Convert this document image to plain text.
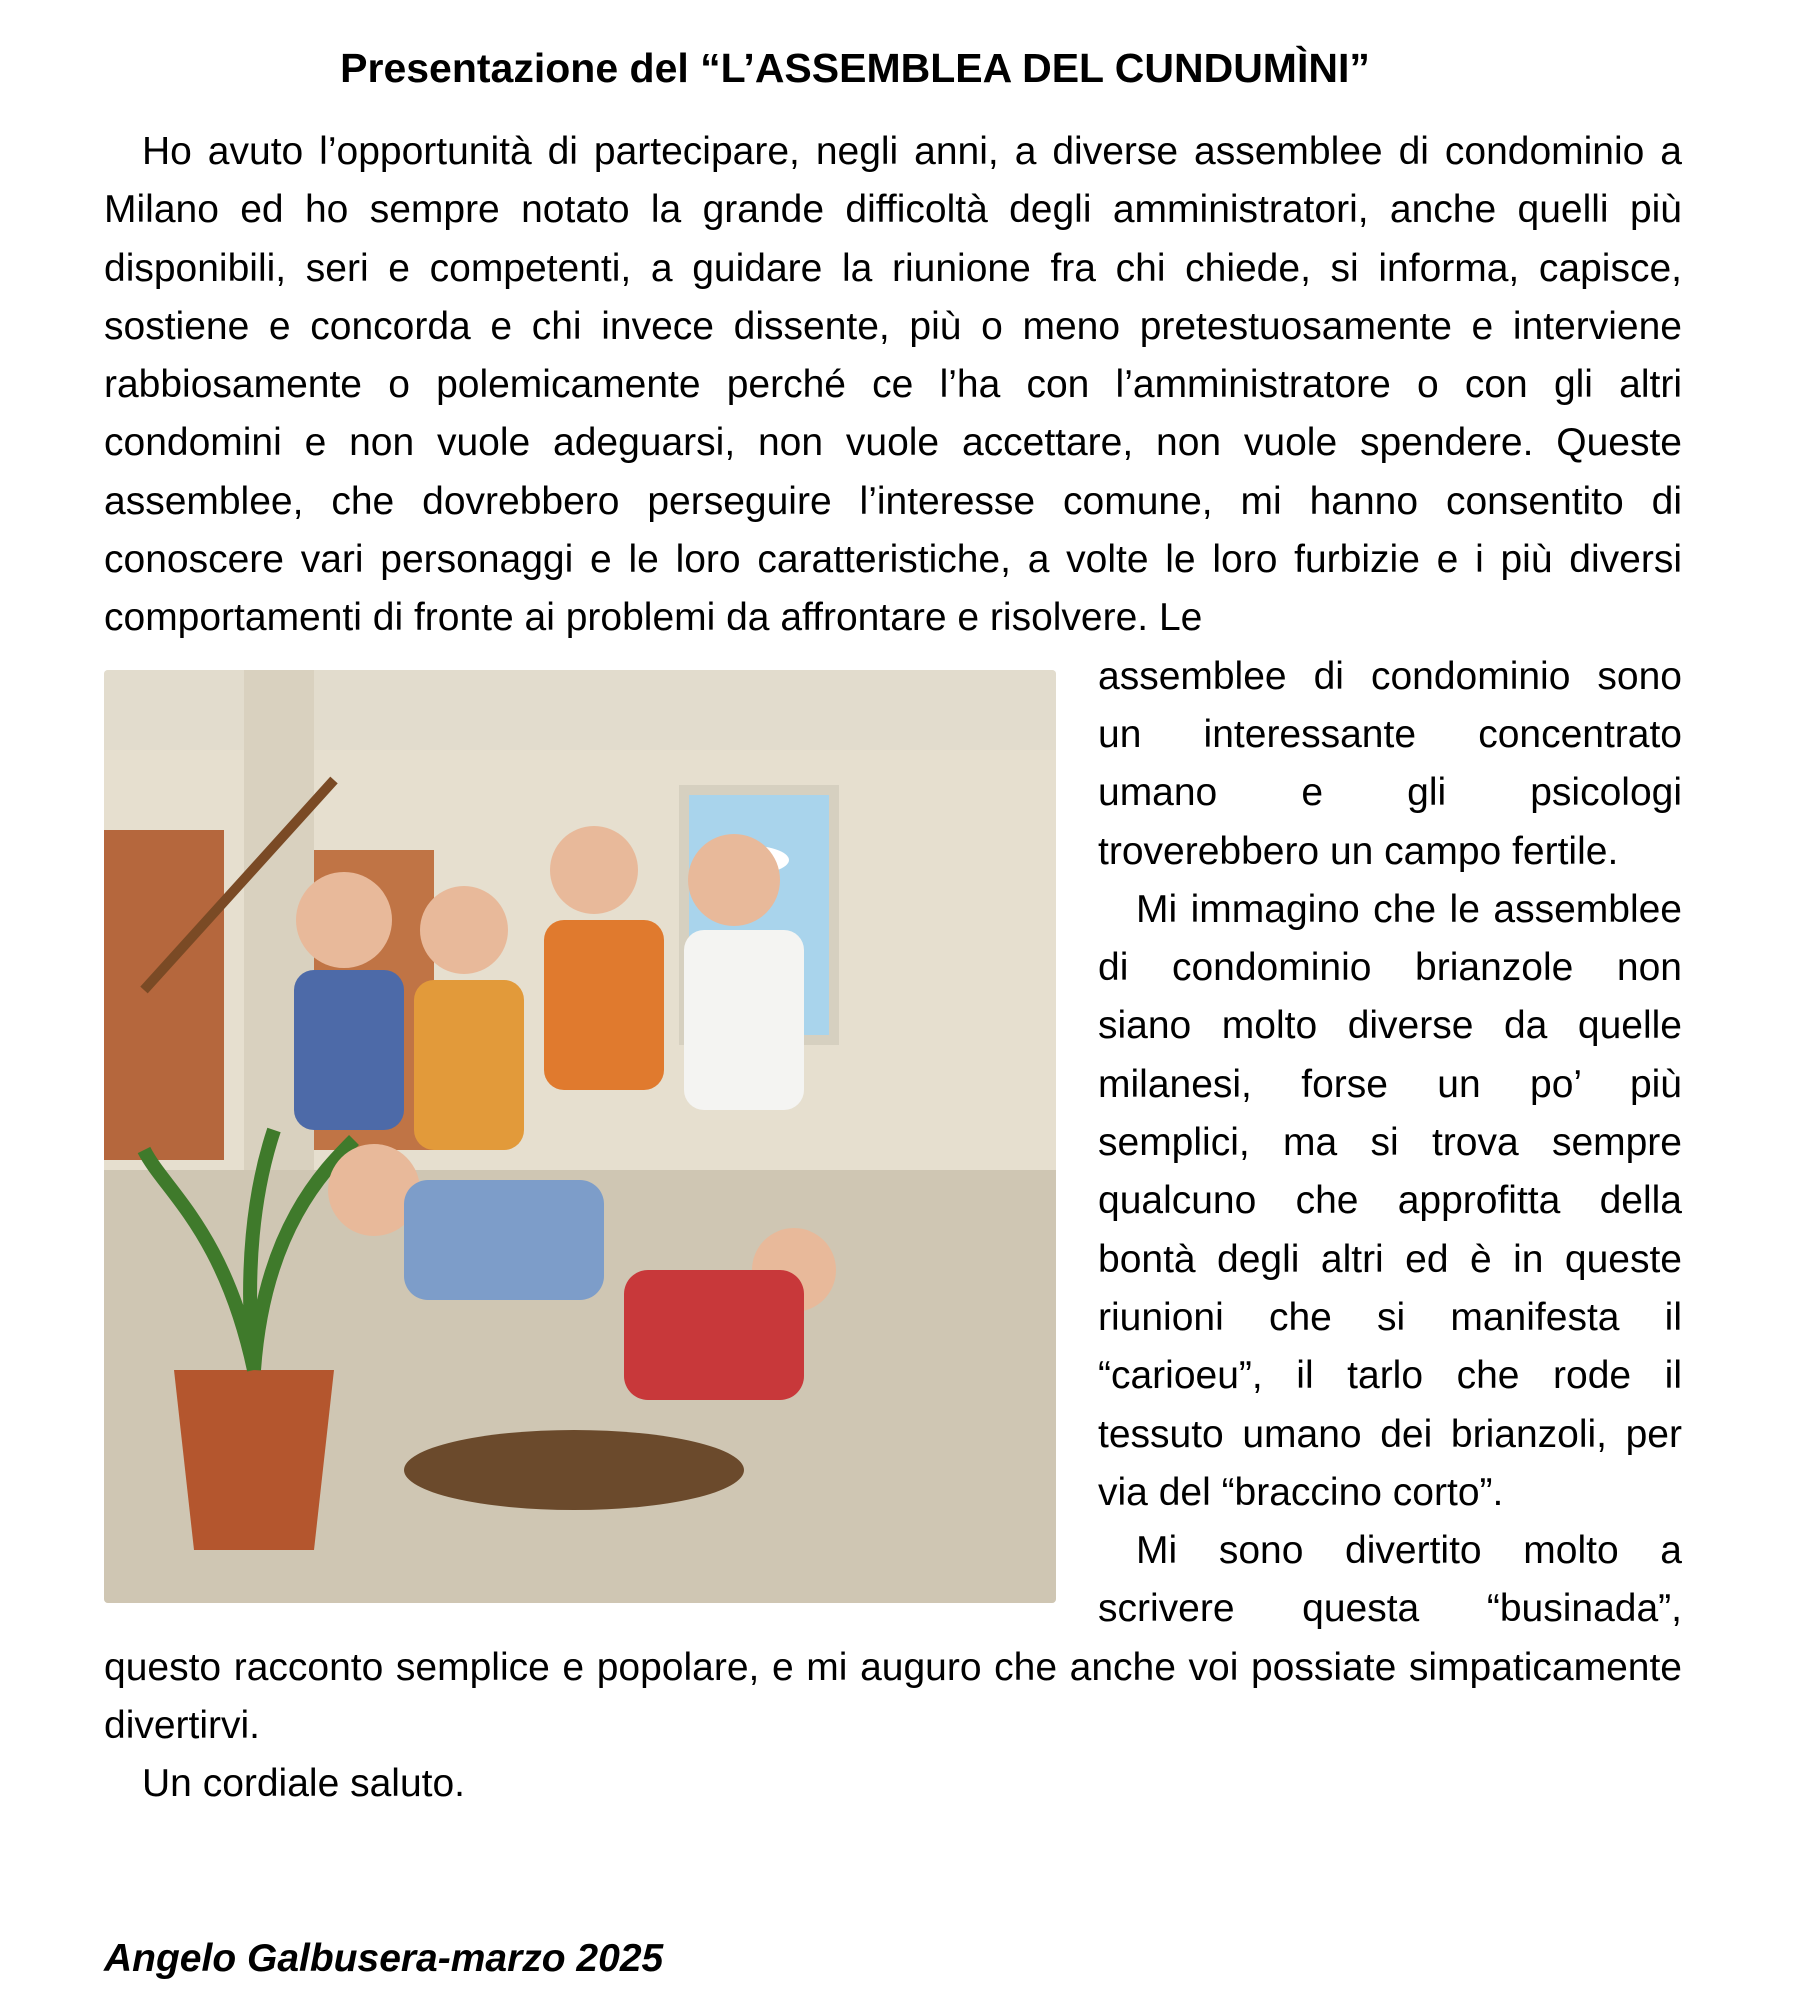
Presentazione del “L’ASSEMBLEA DEL CUNDUMÌNI”

Ho avuto l’opportunità di partecipare, negli anni, a diverse assemblee di condominio a Milano ed ho sempre notato la grande difficoltà degli amministratori, anche quelli più disponibili, seri e competenti, a guidare la riunione fra chi chiede, si informa, capisce, sostiene e concorda e chi invece dissente, più o meno pretestuosamente e interviene rabbiosamente o polemicamente perché ce l’ha con l’amministratore o con gli altri condomini e non vuole adeguarsi, non vuole accettare, non vuole spendere. Queste assemblee, che dovrebbero perseguire l’interesse comune, mi hanno consentito di conoscere vari personaggi e le loro caratteristiche, a volte le loro furbizie e i più diversi comportamenti di fronte ai problemi da affrontare e risolvere. Le

assemblee di condominio sono un interessante concentrato umano e gli psicologi troverebbero un campo fertile.

Mi immagino che le assemblee di condominio brianzole non siano molto diverse da quelle milanesi, forse un po’ più semplici, ma si trova sempre qualcuno che approfitta della bontà degli altri ed è in queste riunioni che si manifesta il “carioeu”, il tarlo che rode il tessuto umano dei brianzoli, per via del “braccino corto”.

Mi sono divertito molto a scrivere questa “businada”, questo racconto semplice e popolare, e mi auguro che anche voi possiate simpaticamente divertirvi.

Un cordiale saluto.

Angelo Galbusera-marzo 2025
